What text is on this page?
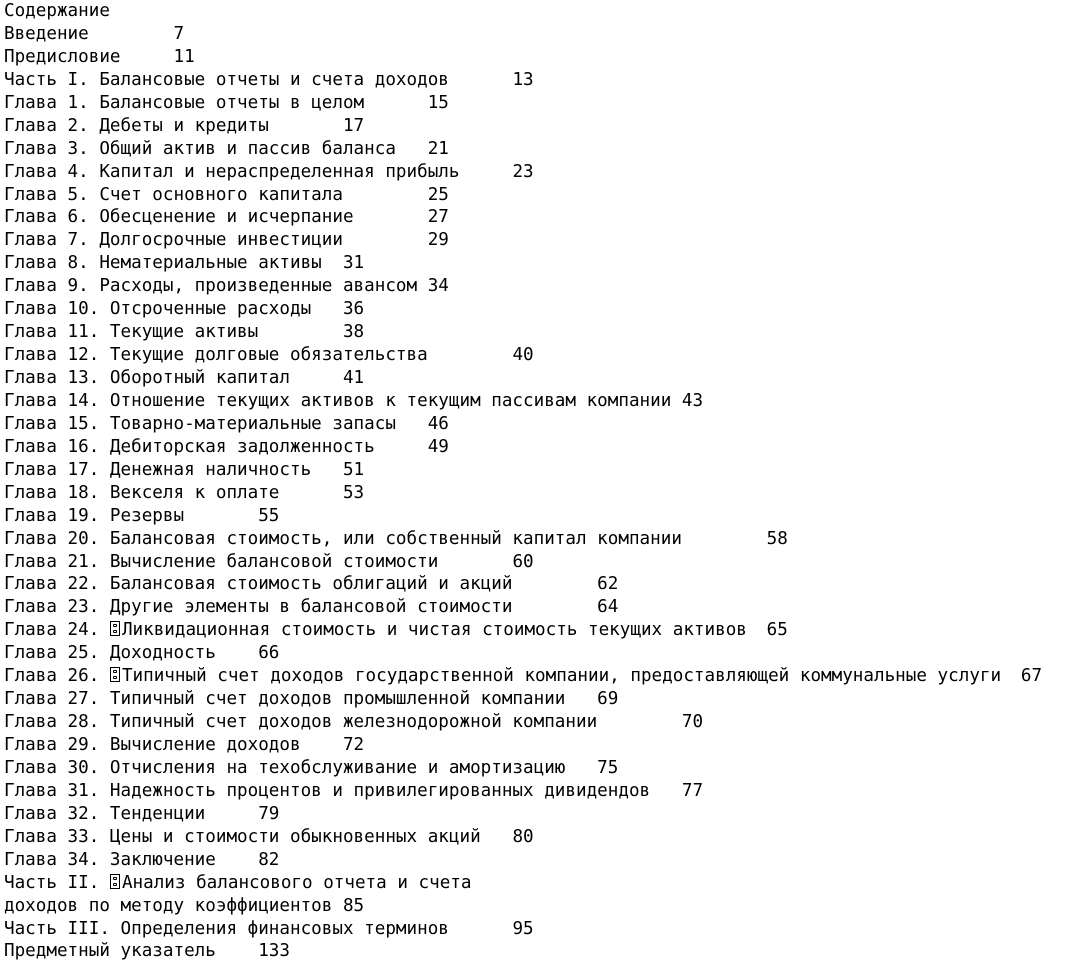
Содержание
Введение	7
Предисловие	11
Часть I. Балансовые отчеты и счета доходов	13
Глава 1. Балансовые отчеты в целом	15
Глава 2. Дебеты и кредиты	17
Глава 3. Общий актив и пассив баланса	21
Глава 4. Капитал и нераспределенная прибыль	23
Глава 5. Счет основного капитала	25
Глава 6. Обесценение и исчерпание	27
Глава 7. Долгосрочные инвестиции	29
Глава 8. Нематериальные активы	31
Глава 9. Расходы, произведенные авансом	34
Глава 10. Отсроченные расходы	36
Глава 11. Текущие активы	38
Глава 12. Текущие долговые обязательства	40
Глава 13. Оборотный капитал	41
Глава 14. Отношение текущих активов к текущим пассивам компании	43
Глава 15. Товарно-материальные запасы	46
Глава 16. Дебиторская задолженность	49
Глава 17. Денежная наличность	51
Глава 18. Векселя к оплате	53
Глава 19. Резервы	55
Глава 20. Балансовая стоимость, или собственный капитал компании	58
Глава 21. Вычисление балансовой стоимости	60
Глава 22. Балансовая стоимость облигаций и акций	62
Глава 23. Другие элементы в балансовой стоимости	64
Глава 24. Ликвидационная стоимость и чистая стоимость текущих активов	65
Глава 25. Доходность	66
Глава 26. Типичный счет доходов государственной компании, предоставляющей коммунальные услуги	67
Глава 27. Типичный счет доходов промышленной компании	69
Глава 28. Типичный счет доходов железнодорожной компании	70
Глава 29. Вычисление доходов	72
Глава 30. Отчисления на техобслуживание и амортизацию	75
Глава 31. Надежность процентов и привилегированных дивидендов	77
Глава 32. Тенденции	79
Глава 33. Цены и стоимости обыкновенных акций	80
Глава 34. Заключение	82
Часть II. Анализ балансового отчета и счета
доходов по методу коэффициентов	85
Часть III. Определения финансовых терминов	95
Предметный указатель	133
